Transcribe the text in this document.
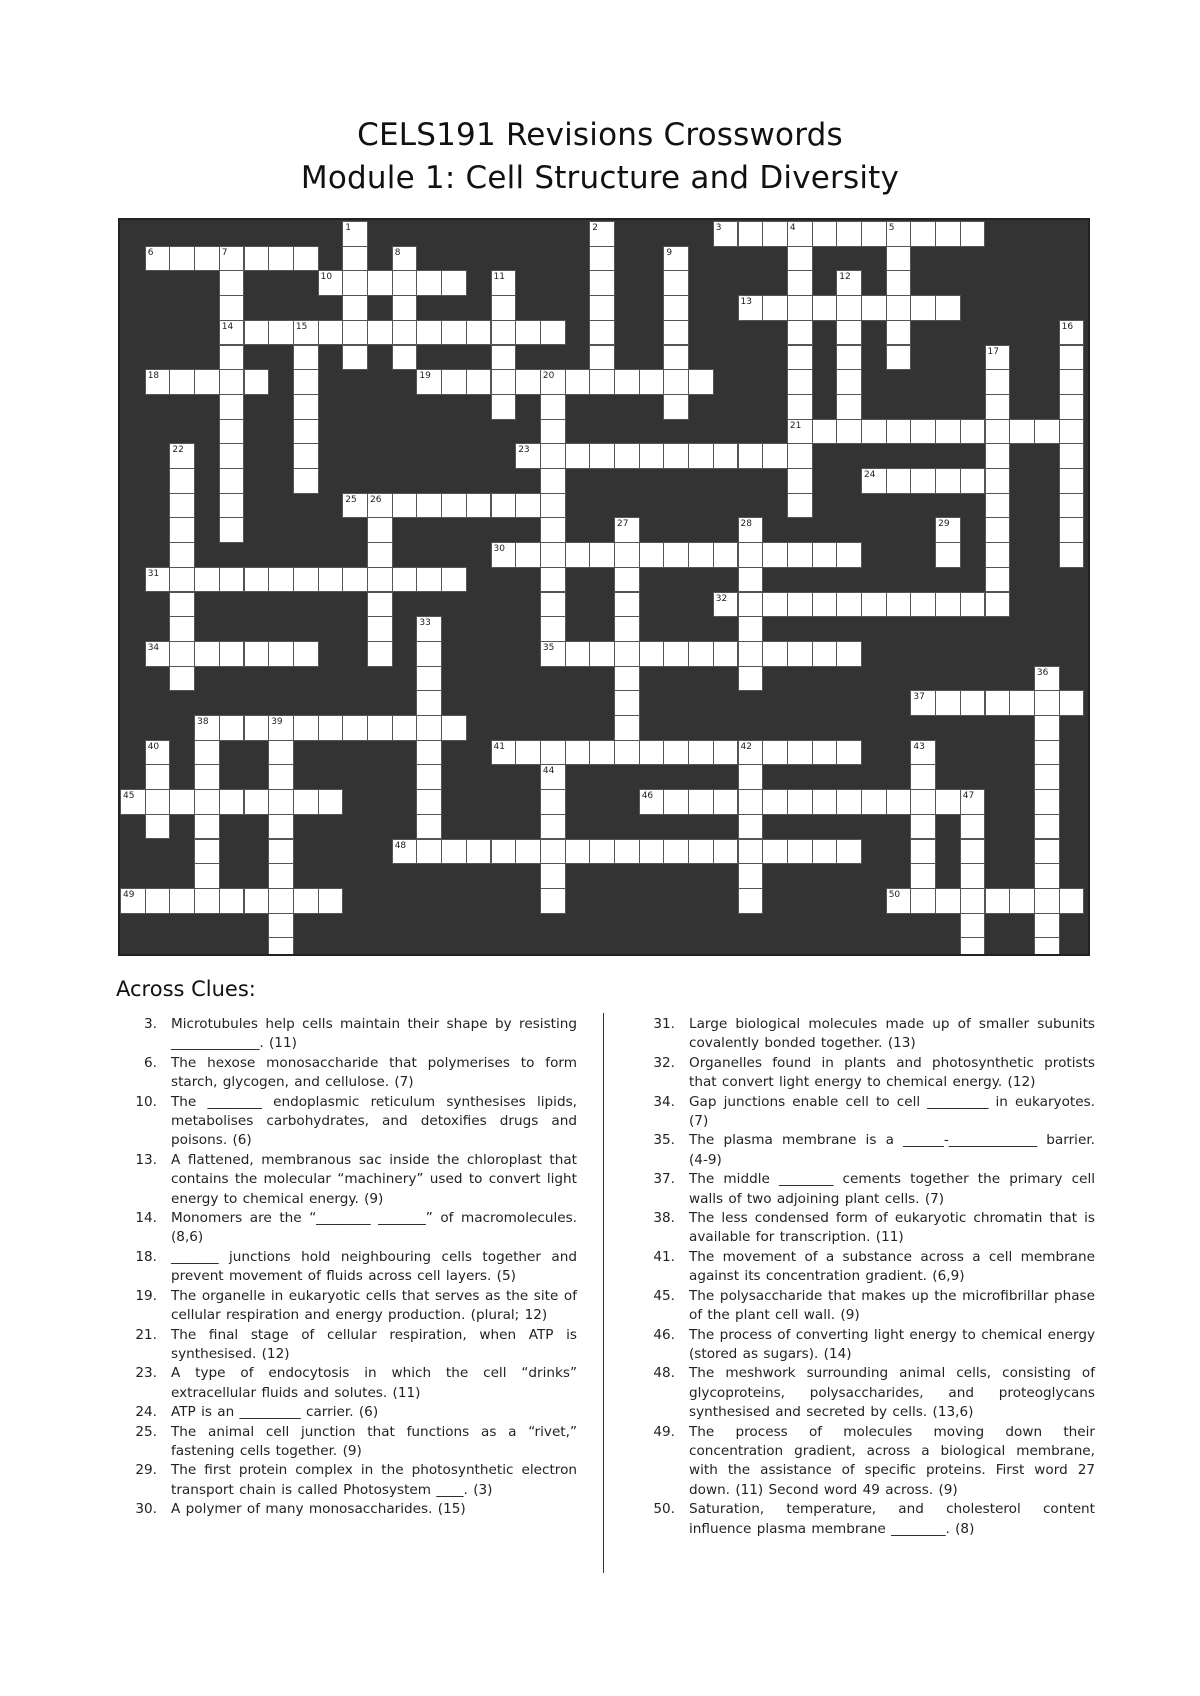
CELS191 Revisions Crosswords
Module 1: Cell Structure and Diversity
1	2	3	4	5
6	7	8	9
10	11	12
13
14	15	16
17
18	19	20
21
22	23
24
25 26
27	28	29
30
31
32
33
34	35
36
37
38	39
40	41	42	43
44
45	46	47
48
49	50
Across Clues:
3.	Microtubules help cells maintain their shape by resisting _____________. (11)
6.	The hexose monosaccharide that polymerises to form starch, glycogen, and cellulose. (7)
10.	The ________ endoplasmic reticulum synthesises lipids, metabolises carbohydrates, and detoxifies drugs and poisons. (6)
13.	A flattened, membranous sac inside the chloroplast that contains the molecular “machinery” used to convert light energy to chemical energy. (9)
14.	Monomers are the “________ _______” of macromolecules. (8,6)
18.	_______ junctions hold neighbouring cells together and prevent movement of fluids across cell layers. (5)
19.	The organelle in eukaryotic cells that serves as the site of cellular respiration and energy production. (plural; 12)
21.	The final stage of cellular respiration, when ATP is synthesised. (12)
23.	A type of endocytosis in which the cell “drinks” extracellular fluids and solutes. (11)
24.	ATP is an _________ carrier. (6)
25.	The animal cell junction that functions as a “rivet,” fastening cells together. (9)
29.	The first protein complex in the photosynthetic electron transport chain is called Photosystem ____. (3)
30.	A polymer of many monosaccharides. (15)
31.	Large biological molecules made up of smaller subunits covalently bonded together. (13)
32.	Organelles found in plants and photosynthetic protists that convert light energy to chemical energy. (12)
34.	Gap junctions enable cell to cell _________ in eukaryotes. (7)
35.	The plasma membrane is a ______-_____________ barrier. (4-9)
37.	The middle ________ cements together the primary cell walls of two adjoining plant cells. (7)
38.	The less condensed form of eukaryotic chromatin that is available for transcription. (11)
41.	The movement of a substance across a cell membrane against its concentration gradient. (6,9)
45.	The polysaccharide that makes up the microfibrillar phase of the plant cell wall. (9)
46.	The process of converting light energy to chemical energy (stored as sugars). (14)
48.	The meshwork surrounding animal cells, consisting of glycoproteins, polysaccharides, and proteoglycans synthesised and secreted by cells. (13,6)
49.	The process of molecules moving down their concentration gradient, across a biological membrane, with the assistance of specific proteins. First word 27 down. (11) Second word 49 across. (9)
50.	Saturation, temperature, and cholesterol content influence plasma membrane ________. (8)
